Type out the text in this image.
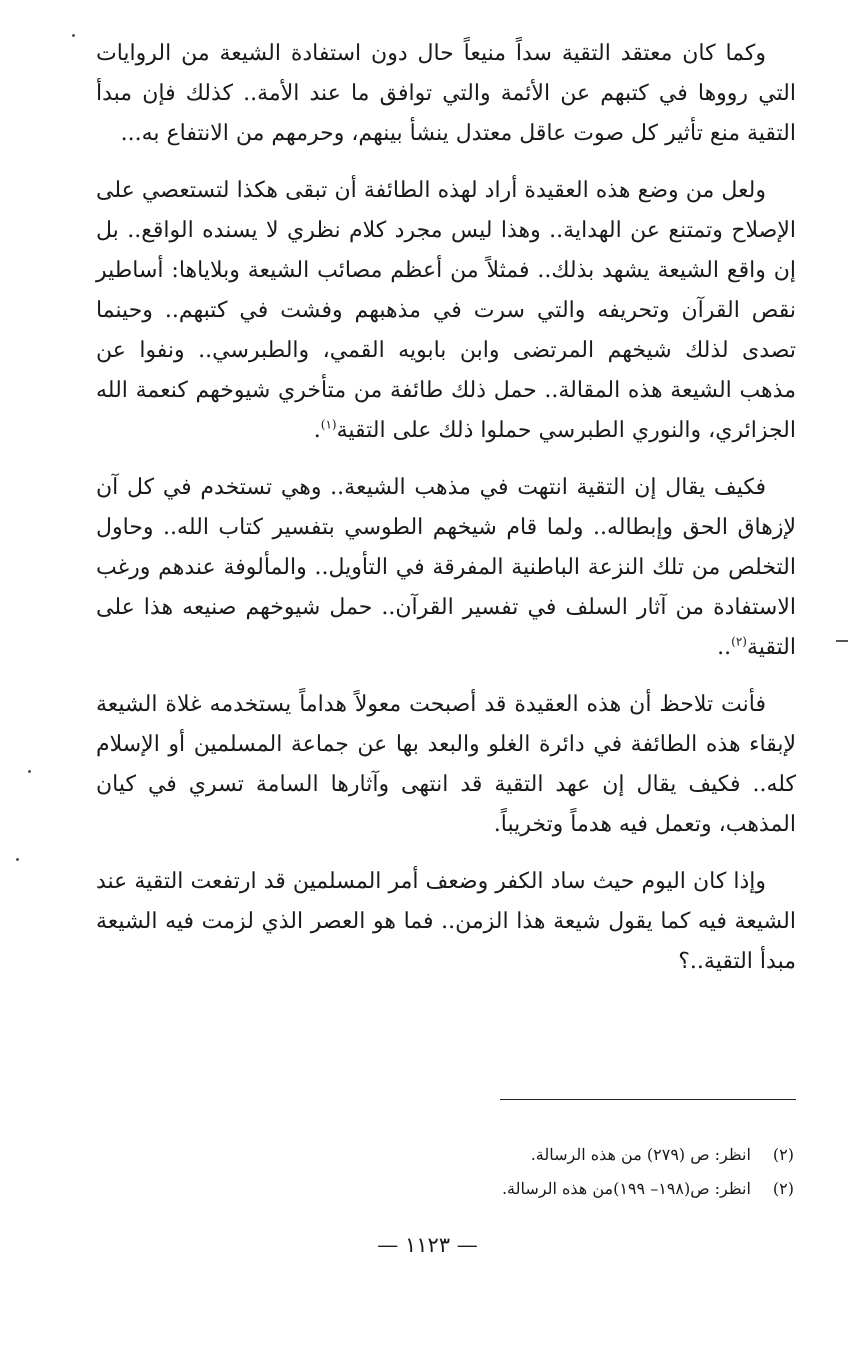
وكما كان معتقد التقية سداً منيعاً حال دون استفادة الشيعة من الروايات التي رووها في كتبهم عن الأئمة والتي توافق ما عند الأمة.. كذلك فإن مبدأ التقية منع تأثير كل صوت عاقل معتدل ينشأ بينهم، وحرمهم من الانتفاع به...

ولعل من وضع هذه العقيدة أراد لهذه الطائفة أن تبقى هكذا لتستعصي على الإصلاح وتمتنع عن الهداية.. وهذا ليس مجرد كلام نظري لا يسنده الواقع.. بل إن واقع الشيعة يشهد بذلك.. فمثلاً من أعظم مصائب الشيعة وبلاياها: أساطير نقص القرآن وتحريفه والتي سرت في مذهبهم وفشت في كتبهم.. وحينما تصدى لذلك شيخهم المرتضى وابن بابويه القمي، والطبرسي.. ونفوا عن مذهب الشيعة هذه المقالة.. حمل ذلك طائفة من متأخري شيوخهم كنعمة الله الجزائري، والنوري الطبرسي حملوا ذلك على التقية$^{(١)}$.

فكيف يقال إن التقية انتهت في مذهب الشيعة.. وهي تستخدم في كل آن لإزهاق الحق وإبطاله.. ولما قام شيخهم الطوسي بتفسير كتاب الله.. وحاول التخلص من تلك النزعة الباطنية المفرقة في التأويل.. والمألوفة عندهم ورغب الاستفادة من آثار السلف في تفسير القرآن.. حمل شيوخهم صنيعه هذا على التقية$^{(٢)}$..

فأنت تلاحظ أن هذه العقيدة قد أصبحت معولاً هداماً يستخدمه غلاة الشيعة لإبقاء هذه الطائفة في دائرة الغلو والبعد بها عن جماعة المسلمين أو الإسلام كله.. فكيف يقال إن عهد التقية قد انتهى وآثارها السامة تسري في كيان المذهب، وتعمل فيه هدماً وتخريباً.

وإذا كان اليوم حيث ساد الكفر وضعف أمر المسلمين قد ارتفعت التقية عند الشيعة فيه كما يقول شيعة هذا الزمن.. فما هو العصر الذي لزمت فيه الشيعة مبدأ التقية..؟

(٢) انظر: ص (٢٧٩) من هذه الرسالة.
(٢) انظر: ص(١٩٨– ١٩٩)من هذه الرسالة.
— ١١٢٣ —
